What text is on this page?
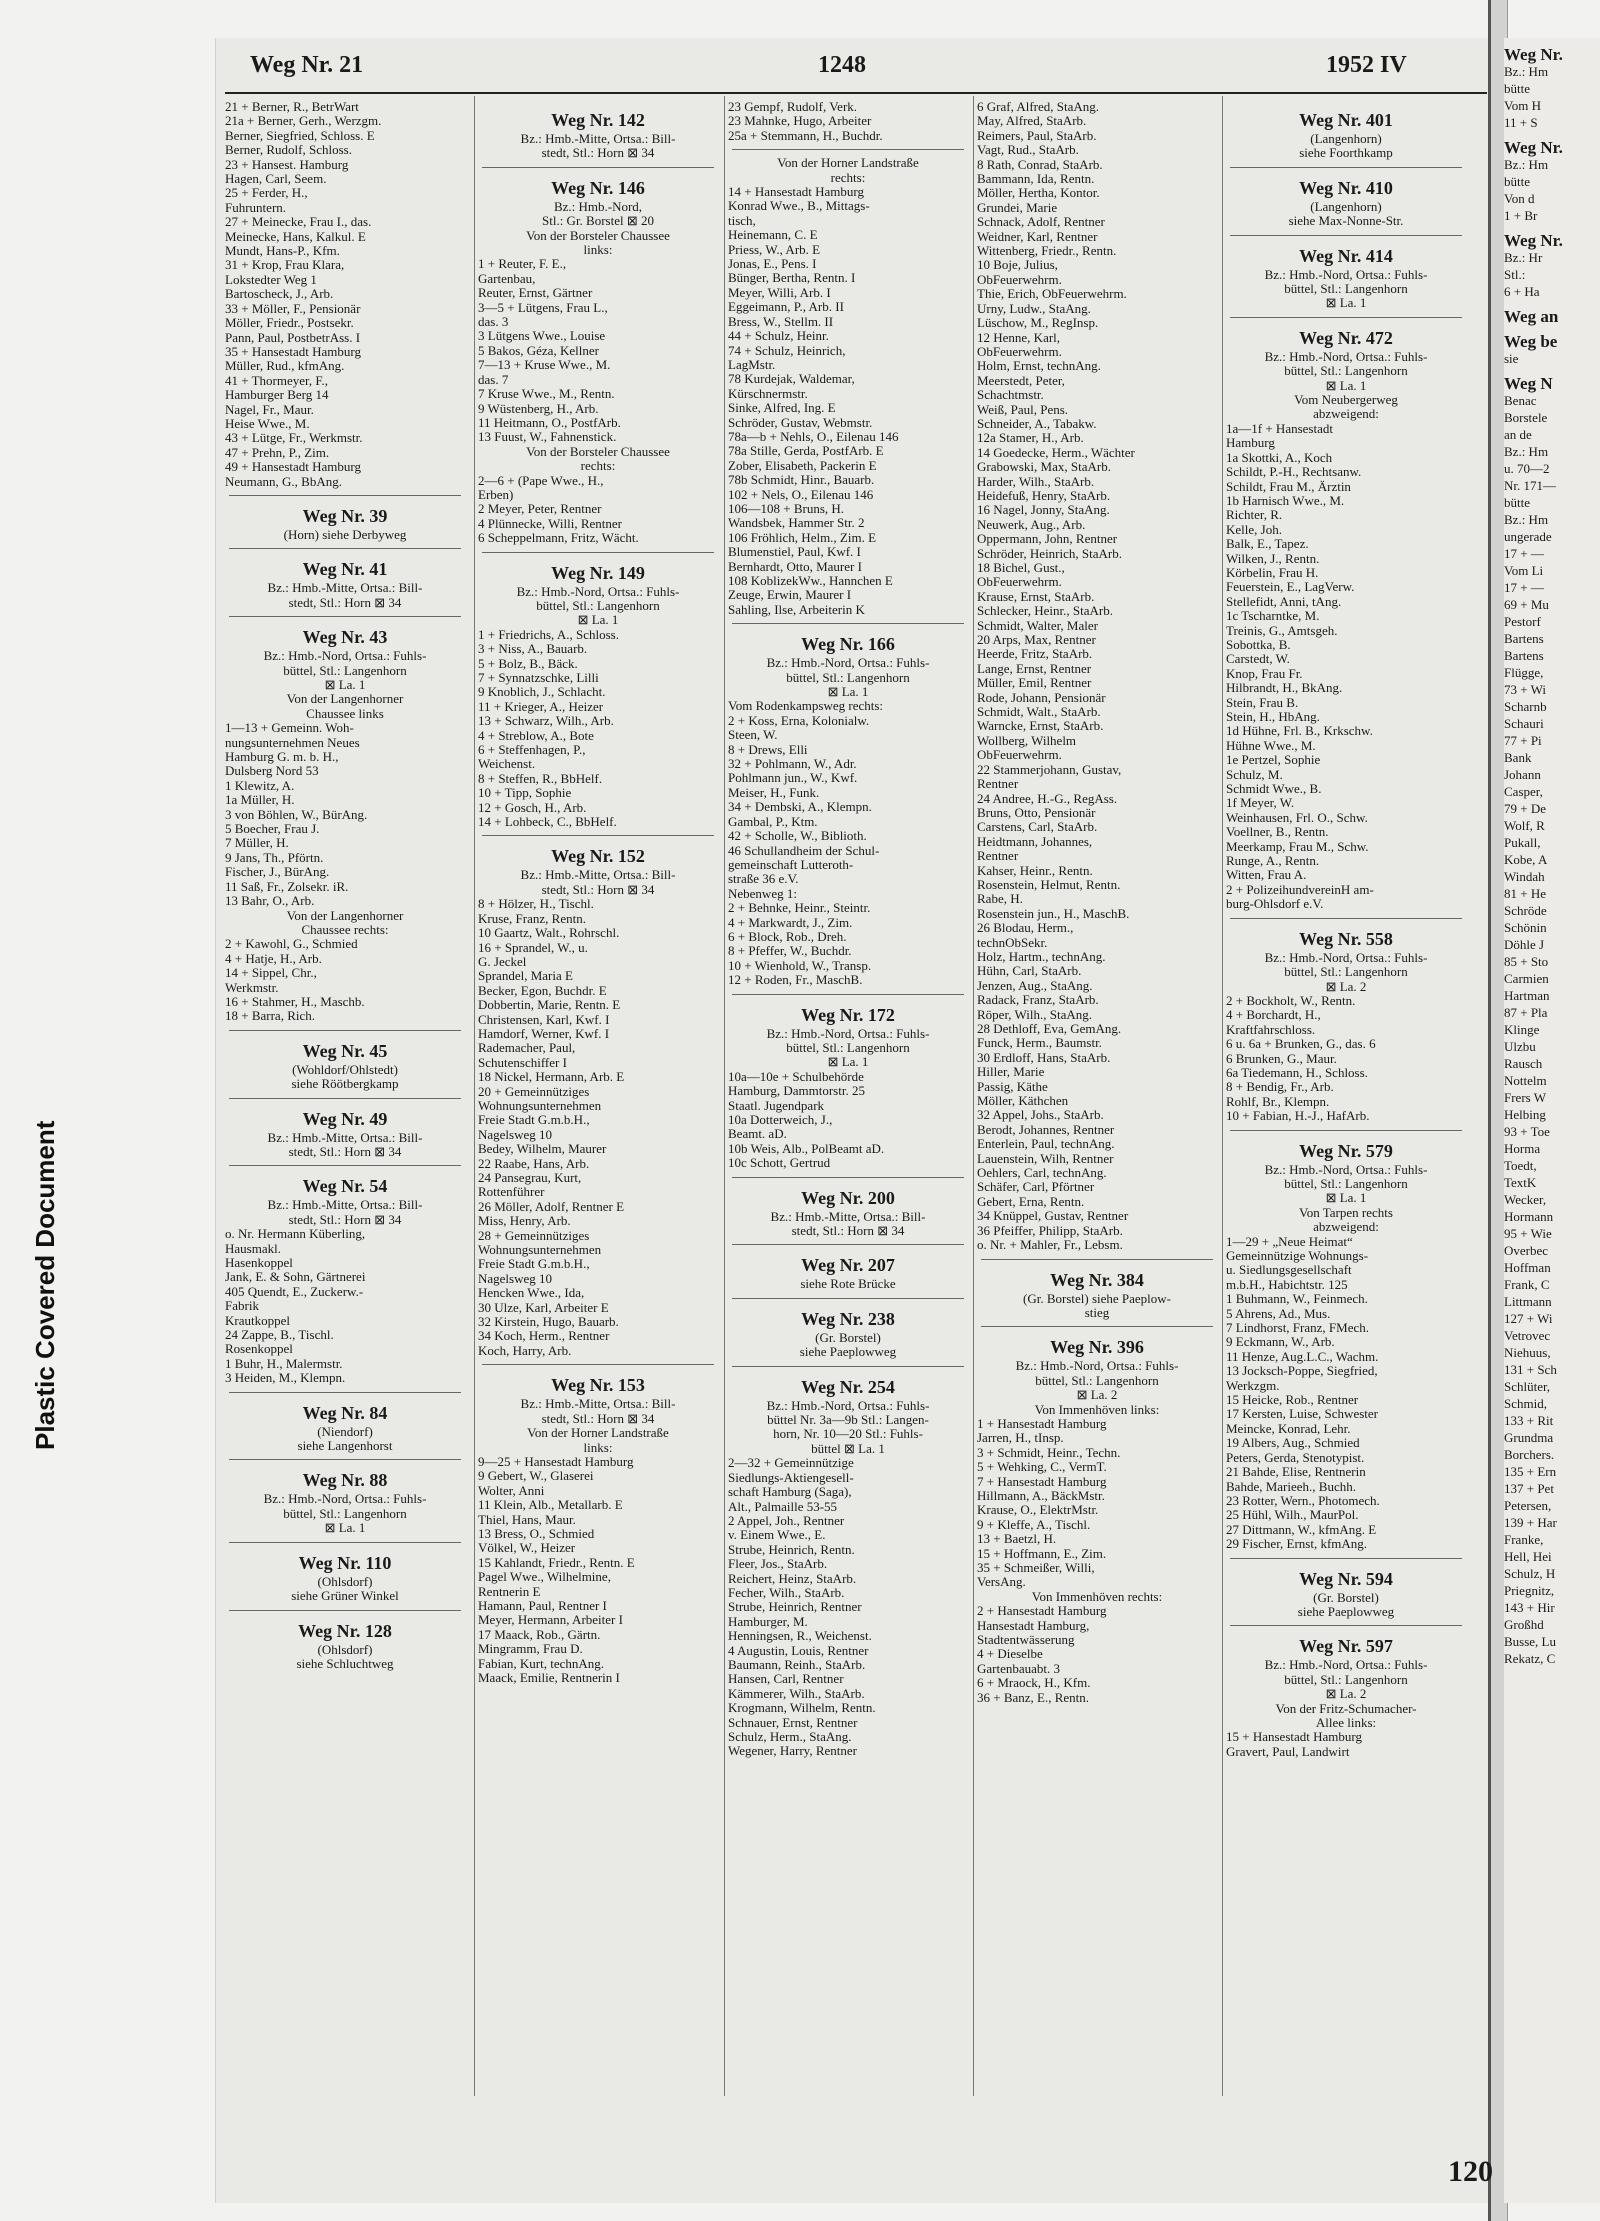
Plastic Covered Document

Weg Nr.

Bz.: Hm

bütte

Vom H

11 + S

Weg Nr.

Bz.: Hm

bütte

Von d

1 + Br

Weg Nr.

Bz.: Hr

Stl.:

6 + Ha

Weg an

Weg be

sie

Weg N

Benac

Borstele

an de

Bz.: Hm

u. 70—2

Nr. 171—

bütte

Bz.: Hm

ungerade

17 + —

Vom Li

17 + —

69 + Mu

Pestorf

Bartens

Bartens

Flügge,

73 + Wi

Scharnb

Schauri

77 + Pi

Bank

Johann

Casper,

79 + De

Wolf, R

Pukall,

Kobe, A

Windah

81 + He

Schröde

Schönin

Döhle J

85 + Sto

Carmien

Hartman

87 + Pla

Klinge

Ulzbu

Rausch

Nottelm

Frers W

Helbing

93 + Toe

Horma

Toedt,

TextK

Wecker,

Hormann

95 + Wie

Overbec

Hoffman

Frank, C

Littmann

127 + Wi

Vetrovec

Niehuus,

131 + Sch

Schlüter,

Schmid,

133 + Rit

Grundma

Borchers.

135 + Ern

137 + Pet

Petersen,

139 + Har

Franke,

Hell, Hei

Schulz, H

Priegnitz,

143 + Hir

Großhd

Busse, Lu

Rekatz, C

Weg Nr. 21	1248	1952 IV

21 + Berner, R., BetrWart

21a + Berner, Gerh., Werzgm.

Berner, Siegfried, Schloss. E

Berner, Rudolf, Schloss.

23 + Hansest. Hamburg

Hagen, Carl, Seem.

25 + Ferder, H.,

Fuhruntern.

27 + Meinecke, Frau I., das.

Meinecke, Hans, Kalkul. E

Mundt, Hans-P., Kfm.

31 + Krop, Frau Klara,

Lokstedter Weg 1

Bartoscheck, J., Arb.

33 + Möller, F., Pensionär

Möller, Friedr., Postsekr.

Pann, Paul, PostbetrAss. I

35 + Hansestadt Hamburg

Müller, Rud., kfmAng.

41 + Thormeyer, F.,

Hamburger Berg 14

Nagel, Fr., Maur.

Heise Wwe., M.

43 + Lütge, Fr., Werkmstr.

47 + Prehn, P., Zim.

49 + Hansestadt Hamburg

Neumann, G., BbAng.

Weg Nr. 39

(Horn) siehe Derbyweg

Weg Nr. 41

Bz.: Hmb.-Mitte, Ortsa.: Bill-

stedt, Stl.: Horn ⊠ 34

Weg Nr. 43

Bz.: Hmb.-Nord, Ortsa.: Fuhls-

büttel, Stl.: Langenhorn

⊠ La. 1

Von der Langenhorner

Chaussee links

1—13 + Gemeinn. Woh-

nungsunternehmen Neues

Hamburg G. m. b. H.,

Dulsberg Nord 53

1 Klewitz, A.

1a Müller, H.

3 von Böhlen, W., BürAng.

5 Boecher, Frau J.

7 Müller, H.

9 Jans, Th., Pförtn.

Fischer, J., BürAng.

11 Saß, Fr., Zolsekr. iR.

13 Bahr, O., Arb.

Von der Langenhorner

Chaussee rechts:

2 + Kawohl, G., Schmied

4 + Hatje, H., Arb.

14 + Sippel, Chr.,

Werkmstr.

16 + Stahmer, H., Maschb.

18 + Barra, Rich.

Weg Nr. 45

(Wohldorf/Ohlstedt)

siehe Röötbergkamp

Weg Nr. 49

Bz.: Hmb.-Mitte, Ortsa.: Bill-

stedt, Stl.: Horn ⊠ 34

Weg Nr. 54

Bz.: Hmb.-Mitte, Ortsa.: Bill-

stedt, Stl.: Horn ⊠ 34

o. Nr. Hermann Küberling,

Hausmakl.

Hasenkoppel

Jank, E. & Sohn, Gärtnerei

405 Quendt, E., Zuckerw.-

Fabrik

Krautkoppel

24 Zappe, B., Tischl.

Rosenkoppel

1 Buhr, H., Malermstr.

3 Heiden, M., Klempn.

Weg Nr. 84

(Niendorf)

siehe Langenhorst

Weg Nr. 88

Bz.: Hmb.-Nord, Ortsa.: Fuhls-

büttel, Stl.: Langenhorn

⊠ La. 1

Weg Nr. 110

(Ohlsdorf)

siehe Grüner Winkel

Weg Nr. 128

(Ohlsdorf)

siehe Schluchtweg

Weg Nr. 142

Bz.: Hmb.-Mitte, Ortsa.: Bill-

stedt, Stl.: Horn ⊠ 34

Weg Nr. 146

Bz.: Hmb.-Nord,

Stl.: Gr. Borstel ⊠ 20

Von der Borsteler Chaussee

links:

1 + Reuter, F. E.,

Gartenbau,

Reuter, Ernst, Gärtner

3—5 + Lütgens, Frau L.,

das. 3

3 Lütgens Wwe., Louise

5 Bakos, Géza, Kellner

7—13 + Kruse Wwe., M.

das. 7

7 Kruse Wwe., M., Rentn.

9 Wüstenberg, H., Arb.

11 Heitmann, O., PostfArb.

13 Fuust, W., Fahnenstick.

Von der Borsteler Chaussee

rechts:

2—6 + (Pape Wwe., H.,

Erben)

2 Meyer, Peter, Rentner

4 Plünnecke, Willi, Rentner

6 Scheppelmann, Fritz, Wächt.

Weg Nr. 149

Bz.: Hmb.-Nord, Ortsa.: Fuhls-

büttel, Stl.: Langenhorn

⊠ La. 1

1 + Friedrichs, A., Schloss.

3 + Niss, A., Bauarb.

5 + Bolz, B., Bäck.

7 + Synnatzschke, Lilli

9 Knoblich, J., Schlacht.

11 + Krieger, A., Heizer

13 + Schwarz, Wilh., Arb.

4 + Streblow, A., Bote

6 + Steffenhagen, P.,

Weichenst.

8 + Steffen, R., BbHelf.

10 + Tipp, Sophie

12 + Gosch, H., Arb.

14 + Lohbeck, C., BbHelf.

Weg Nr. 152

Bz.: Hmb.-Mitte, Ortsa.: Bill-

stedt, Stl.: Horn ⊠ 34

8 + Hölzer, H., Tischl.

Kruse, Franz, Rentn.

10 Gaartz, Walt., Rohrschl.

16 + Sprandel, W., u.

G. Jeckel

Sprandel, Maria E

Becker, Egon, Buchdr. E

Dobbertin, Marie, Rentn. E

Christensen, Karl, Kwf. I

Hamdorf, Werner, Kwf. I

Rademacher, Paul,

Schutenschiffer I

18 Nickel, Hermann, Arb. E

20 + Gemeinnütziges

Wohnungsunternehmen

Freie Stadt G.m.b.H.,

Nagelsweg 10

Bedey, Wilhelm, Maurer

22 Raabe, Hans, Arb.

24 Pansegrau, Kurt,

Rottenführer

26 Möller, Adolf, Rentner E

Miss, Henry, Arb.

28 + Gemeinnütziges

Wohnungsunternehmen

Freie Stadt G.m.b.H.,

Nagelsweg 10

Hencken Wwe., Ida,

30 Ulze, Karl, Arbeiter E

32 Kirstein, Hugo, Bauarb.

34 Koch, Herm., Rentner

Koch, Harry, Arb.

Weg Nr. 153

Bz.: Hmb.-Mitte, Ortsa.: Bill-

stedt, Stl.: Horn ⊠ 34

Von der Horner Landstraße

links:

9—25 + Hansestadt Hamburg

9 Gebert, W., Glaserei

Wolter, Anni

11 Klein, Alb., Metallarb. E

Thiel, Hans, Maur.

13 Bress, O., Schmied

Völkel, W., Heizer

15 Kahlandt, Friedr., Rentn. E

Pagel Wwe., Wilhelmine,

Rentnerin E

Hamann, Paul, Rentner I

Meyer, Hermann, Arbeiter I

17 Maack, Rob., Gärtn.

Mingramm, Frau D.

Fabian, Kurt, technAng.

Maack, Emilie, Rentnerin I

23 Gempf, Rudolf, Verk.

23 Mahnke, Hugo, Arbeiter

25a + Stemmann, H., Buchdr.

Von der Horner Landstraße

rechts:

14 + Hansestadt Hamburg

Konrad Wwe., B., Mittags-

tisch,

Heinemann, C. E

Priess, W., Arb. E

Jonas, E., Pens. I

Bünger, Bertha, Rentn. I

Meyer, Willi, Arb. I

Eggeimann, P., Arb. II

Bress, W., Stellm. II

44 + Schulz, Heinr.

74 + Schulz, Heinrich,

LagMstr.

78 Kurdejak, Waldemar,

Kürschnermstr.

Sinke, Alfred, Ing. E

Schröder, Gustav, Webmstr.

78a—b + Nehls, O., Eilenau 146

78a Stille, Gerda, PostfArb. E

Zober, Elisabeth, Packerin E

78b Schmidt, Hinr., Bauarb.

102 + Nels, O., Eilenau 146

106—108 + Bruns, H.

Wandsbek, Hammer Str. 2

106 Fröhlich, Helm., Zim. E

Blumenstiel, Paul, Kwf. I

Bernhardt, Otto, Maurer I

108 KoblizekWw., Hannchen E

Zeuge, Erwin, Maurer I

Sahling, Ilse, Arbeiterin K

Weg Nr. 166

Bz.: Hmb.-Nord, Ortsa.: Fuhls-

büttel, Stl.: Langenhorn

⊠ La. 1

Vom Rodenkampsweg rechts:

2 + Koss, Erna, Kolonialw.

Steen, W.

8 + Drews, Elli

32 + Pohlmann, W., Adr.

Pohlmann jun., W., Kwf.

Meiser, H., Funk.

34 + Dembski, A., Klempn.

Gambal, P., Ktm.

42 + Scholle, W., Biblioth.

46 Schullandheim der Schul-

gemeinschaft Lutteroth-

straße 36 e.V.

Nebenweg 1:

2 + Behnke, Heinr., Steintr.

4 + Markwardt, J., Zim.

6 + Block, Rob., Dreh.

8 + Pfeffer, W., Buchdr.

10 + Wienhold, W., Transp.

12 + Roden, Fr., MaschB.

Weg Nr. 172

Bz.: Hmb.-Nord, Ortsa.: Fuhls-

büttel, Stl.: Langenhorn

⊠ La. 1

10a—10e + Schulbehörde

Hamburg, Dammtorstr. 25

Staatl. Jugendpark

10a Dotterweich, J.,

Beamt. aD.

10b Weis, Alb., PolBeamt aD.

10c Schott, Gertrud

Weg Nr. 200

Bz.: Hmb.-Mitte, Ortsa.: Bill-

stedt, Stl.: Horn ⊠ 34

Weg Nr. 207

siehe Rote Brücke

Weg Nr. 238

(Gr. Borstel)

siehe Paeplowweg

Weg Nr. 254

Bz.: Hmb.-Nord, Ortsa.: Fuhls-

büttel Nr. 3a—9b Stl.: Langen-

horn, Nr. 10—20 Stl.: Fuhls-

büttel ⊠ La. 1

2—32 + Gemeinnützige

Siedlungs-Aktiengesell-

schaft Hamburg (Saga),

Alt., Palmaille 53-55

2 Appel, Joh., Rentner

v. Einem Wwe., E.

Strube, Heinrich, Rentn.

Fleer, Jos., StaArb.

Reichert, Heinz, StaArb.

Fecher, Wilh., StaArb.

Strube, Heinrich, Rentner

Hamburger, M.

Henningsen, R., Weichenst.

4 Augustin, Louis, Rentner

Baumann, Reinh., StaArb.

Hansen, Carl, Rentner

Kämmerer, Wilh., StaArb.

Krogmann, Wilhelm, Rentn.

Schnauer, Ernst, Rentner

Schulz, Herm., StaAng.

Wegener, Harry, Rentner

6 Graf, Alfred, StaAng.

May, Alfred, StaArb.

Reimers, Paul, StaArb.

Vagt, Rud., StaArb.

8 Rath, Conrad, StaArb.

Bammann, Ida, Rentn.

Möller, Hertha, Kontor.

Grundei, Marie

Schnack, Adolf, Rentner

Weidner, Karl, Rentner

Wittenberg, Friedr., Rentn.

10 Boje, Julius,

ObFeuerwehrm.

Thie, Erich, ObFeuerwehrm.

Urny, Ludw., StaAng.

Lüschow, M., RegInsp.

12 Henne, Karl,

ObFeuerwehrm.

Holm, Ernst, technAng.

Meerstedt, Peter,

Schachtmstr.

Weiß, Paul, Pens.

Schneider, A., Tabakw.

12a Stamer, H., Arb.

14 Goedecke, Herm., Wächter

Grabowski, Max, StaArb.

Harder, Wilh., StaArb.

Heidefuß, Henry, StaArb.

16 Nagel, Jonny, StaAng.

Neuwerk, Aug., Arb.

Oppermann, John, Rentner

Schröder, Heinrich, StaArb.

18 Bichel, Gust.,

ObFeuerwehrm.

Krause, Ernst, StaArb.

Schlecker, Heinr., StaArb.

Schmidt, Walter, Maler

20 Arps, Max, Rentner

Heerde, Fritz, StaArb.

Lange, Ernst, Rentner

Müller, Emil, Rentner

Rode, Johann, Pensionär

Schmidt, Walt., StaArb.

Warncke, Ernst, StaArb.

Wollberg, Wilhelm

ObFeuerwehrm.

22 Stammerjohann, Gustav,

Rentner

24 Andree, H.-G., RegAss.

Bruns, Otto, Pensionär

Carstens, Carl, StaArb.

Heidtmann, Johannes,

Rentner

Kahser, Heinr., Rentn.

Rosenstein, Helmut, Rentn.

Rabe, H.

Rosenstein jun., H., MaschB.

26 Blodau, Herm.,

technObSekr.

Holz, Hartm., technAng.

Hühn, Carl, StaArb.

Jenzen, Aug., StaAng.

Radack, Franz, StaArb.

Röper, Wilh., StaAng.

28 Dethloff, Eva, GemAng.

Funck, Herm., Baumstr.

30 Erdloff, Hans, StaArb.

Hiller, Marie

Passig, Käthe

Möller, Käthchen

32 Appel, Johs., StaArb.

Berodt, Johannes, Rentner

Enterlein, Paul, technAng.

Lauenstein, Wilh, Rentner

Oehlers, Carl, technAng.

Schäfer, Carl, Pförtner

Gebert, Erna, Rentn.

34 Knüppel, Gustav, Rentner

36 Pfeiffer, Philipp, StaArb.

o. Nr. + Mahler, Fr., Lebsm.

Weg Nr. 384

(Gr. Borstel) siehe Paeplow-

stieg

Weg Nr. 396

Bz.: Hmb.-Nord, Ortsa.: Fuhls-

büttel, Stl.: Langenhorn

⊠ La. 2

Von Immenhöven links:

1 + Hansestadt Hamburg

Jarren, H., tInsp.

3 + Schmidt, Heinr., Techn.

5 + Wehking, C., VermT.

7 + Hansestadt Hamburg

Hillmann, A., BäckMstr.

Krause, O., ElektrMstr.

9 + Kleffe, A., Tischl.

13 + Baetzl, H.

15 + Hoffmann, E., Zim.

35 + Schmeißer, Willi,

VersAng.

Von Immenhöven rechts:

2 + Hansestadt Hamburg

Hansestadt Hamburg,

Stadtentwässerung

4 + Dieselbe

Gartenbauabt. 3

6 + Mraock, H., Kfm.

36 + Banz, E., Rentn.

Weg Nr. 401

(Langenhorn)

siehe Foorthkamp

Weg Nr. 410

(Langenhorn)

siehe Max-Nonne-Str.

Weg Nr. 414

Bz.: Hmb.-Nord, Ortsa.: Fuhls-

büttel, Stl.: Langenhorn

⊠ La. 1

Weg Nr. 472

Bz.: Hmb.-Nord, Ortsa.: Fuhls-

büttel, Stl.: Langenhorn

⊠ La. 1

Vom Neubergerweg

abzweigend:

1a—1f + Hansestadt

Hamburg

1a Skottki, A., Koch

Schildt, P.-H., Rechtsanw.

Schildt, Frau M., Ärztin

1b Harnisch Wwe., M.

Richter, R.

Kelle, Joh.

Balk, E., Tapez.

Wilken, J., Rentn.

Körbelin, Frau H.

Feuerstein, E., LagVerw.

Stellefidt, Anni, tAng.

1c Tscharntke, M.

Treinis, G., Amtsgeh.

Sobottka, B.

Carstedt, W.

Knop, Frau Fr.

Hilbrandt, H., BkAng.

Stein, Frau B.

Stein, H., HbAng.

1d Hühne, Frl. B., Krkschw.

Hühne Wwe., M.

1e Pertzel, Sophie

Schulz, M.

Schmidt Wwe., B.

1f Meyer, W.

Weinhausen, Frl. O., Schw.

Voellner, B., Rentn.

Meerkamp, Frau M., Schw.

Runge, A., Rentn.

Witten, Frau A.

2 + PolizeihundvereinH am-

burg-Ohlsdorf e.V.

Weg Nr. 558

Bz.: Hmb.-Nord, Ortsa.: Fuhls-

büttel, Stl.: Langenhorn

⊠ La. 2

2 + Bockholt, W., Rentn.

4 + Borchardt, H.,

Kraftfahrschloss.

6 u. 6a + Brunken, G., das. 6

6 Brunken, G., Maur.

6a Tiedemann, H., Schloss.

8 + Bendig, Fr., Arb.

Rohlf, Br., Klempn.

10 + Fabian, H.-J., HafArb.

Weg Nr. 579

Bz.: Hmb.-Nord, Ortsa.: Fuhls-

büttel, Stl.: Langenhorn

⊠ La. 1

Von Tarpen rechts

abzweigend:

1—29 + „Neue Heimat“

Gemeinnützige Wohnungs-

u. Siedlungsgesellschaft

m.b.H., Habichtstr. 125

1 Buhmann, W., Feinmech.

5 Ahrens, Ad., Mus.

7 Lindhorst, Franz, FMech.

9 Eckmann, W., Arb.

11 Henze, Aug.L.C., Wachm.

13 Jocksch-Poppe, Siegfried,

Werkzgm.

15 Heicke, Rob., Rentner

17 Kersten, Luise, Schwester

Meincke, Konrad, Lehr.

19 Albers, Aug., Schmied

Peters, Gerda, Stenotypist.

21 Bahde, Elise, Rentnerin

Bahde, Marieeh., Buchh.

23 Rotter, Wern., Photomech.

25 Hühl, Wilh., MaurPol.

27 Dittmann, W., kfmAng. E

29 Fischer, Ernst, kfmAng.

Weg Nr. 594

(Gr. Borstel)

siehe Paeplowweg

Weg Nr. 597

Bz.: Hmb.-Nord, Ortsa.: Fuhls-

büttel, Stl.: Langenhorn

⊠ La. 2

Von der Fritz-Schumacher-

Allee links:

15 + Hansestadt Hamburg

Gravert, Paul, Landwirt

120
